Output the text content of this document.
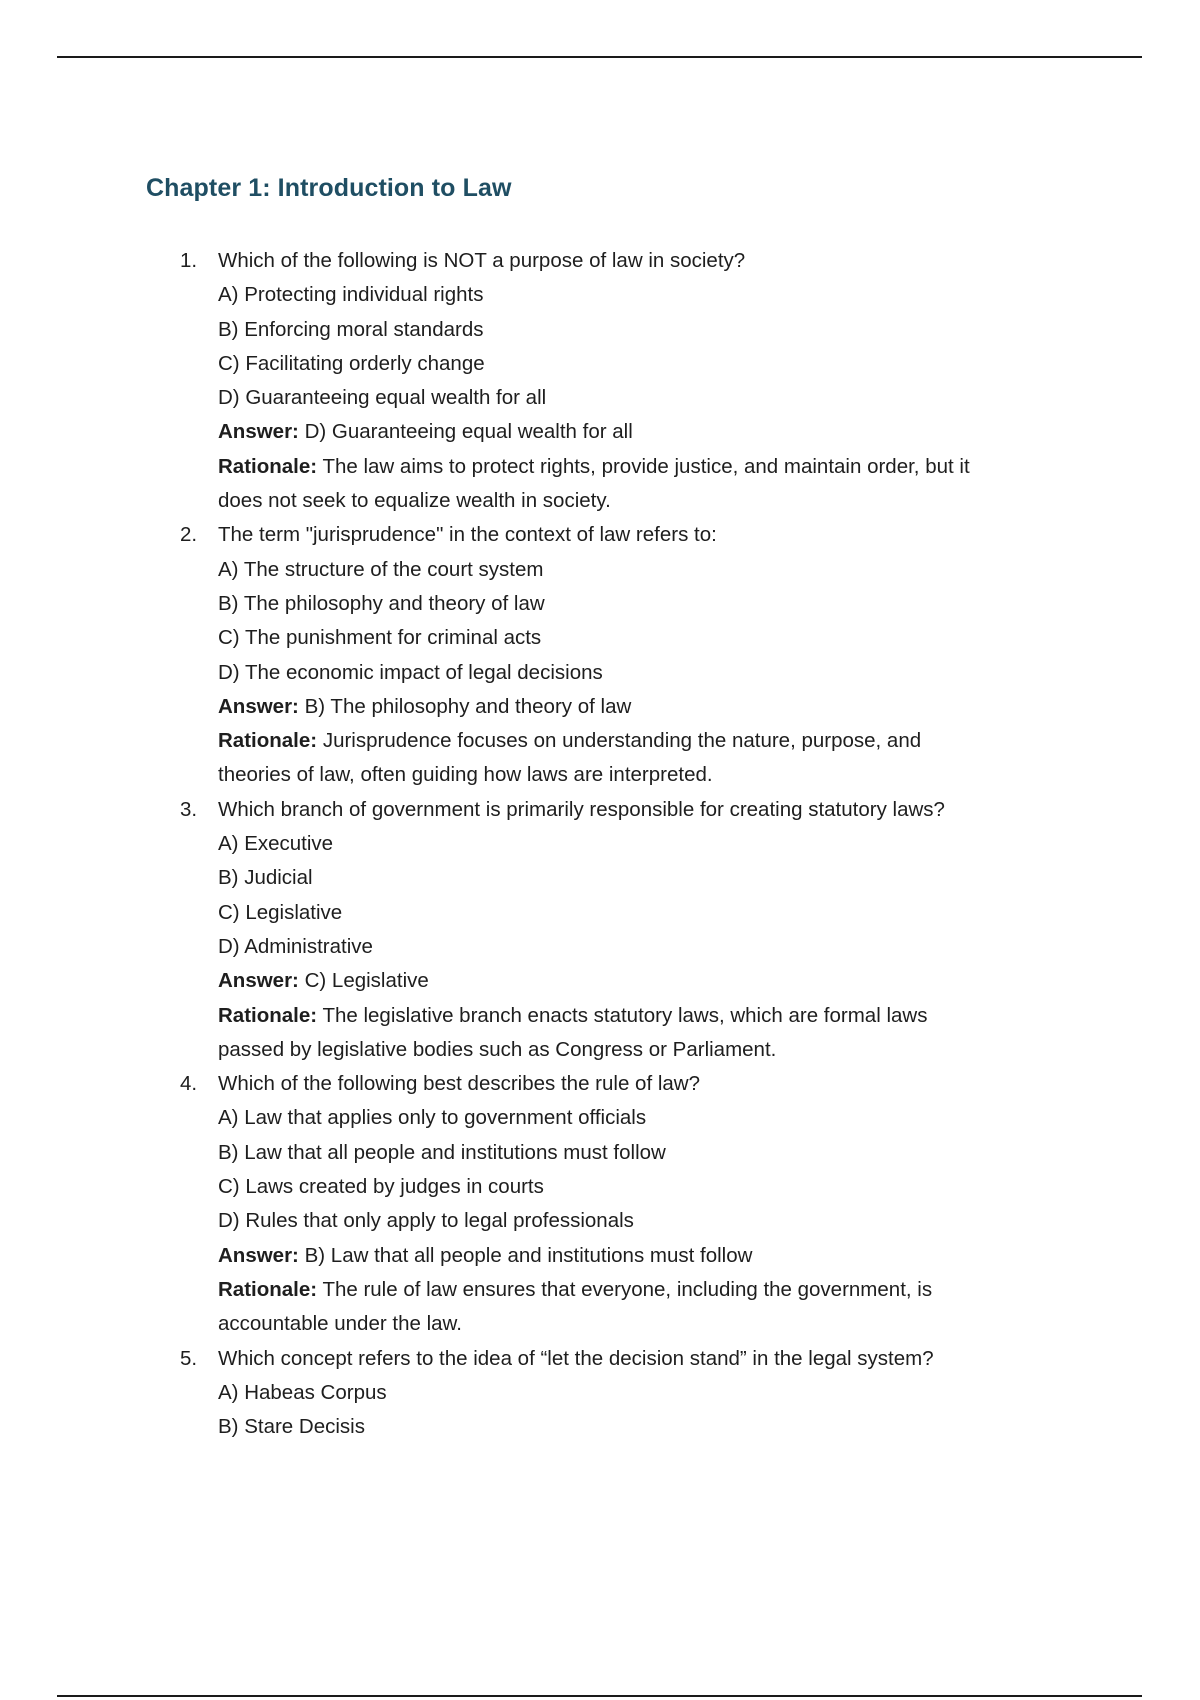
Chapter 1: Introduction to Law

1. Which of the following is NOT a purpose of law in society?

A) Protecting individual rights

B) Enforcing moral standards

C) Facilitating orderly change

D) Guaranteeing equal wealth for all

Answer: D) Guaranteeing equal wealth for all

Rationale: The law aims to protect rights, provide justice, and maintain order, but it

does not seek to equalize wealth in society.

2. The term "jurisprudence" in the context of law refers to:

A) The structure of the court system

B) The philosophy and theory of law

C) The punishment for criminal acts

D) The economic impact of legal decisions

Answer: B) The philosophy and theory of law

Rationale: Jurisprudence focuses on understanding the nature, purpose, and

theories of law, often guiding how laws are interpreted.

3. Which branch of government is primarily responsible for creating statutory laws?

A) Executive

B) Judicial

C) Legislative

D) Administrative

Answer: C) Legislative

Rationale: The legislative branch enacts statutory laws, which are formal laws

passed by legislative bodies such as Congress or Parliament.

4. Which of the following best describes the rule of law?

A) Law that applies only to government officials

B) Law that all people and institutions must follow

C) Laws created by judges in courts

D) Rules that only apply to legal professionals

Answer: B) Law that all people and institutions must follow

Rationale: The rule of law ensures that everyone, including the government, is

accountable under the law.

5. Which concept refers to the idea of “let the decision stand” in the legal system?

A) Habeas Corpus

B) Stare Decisis
